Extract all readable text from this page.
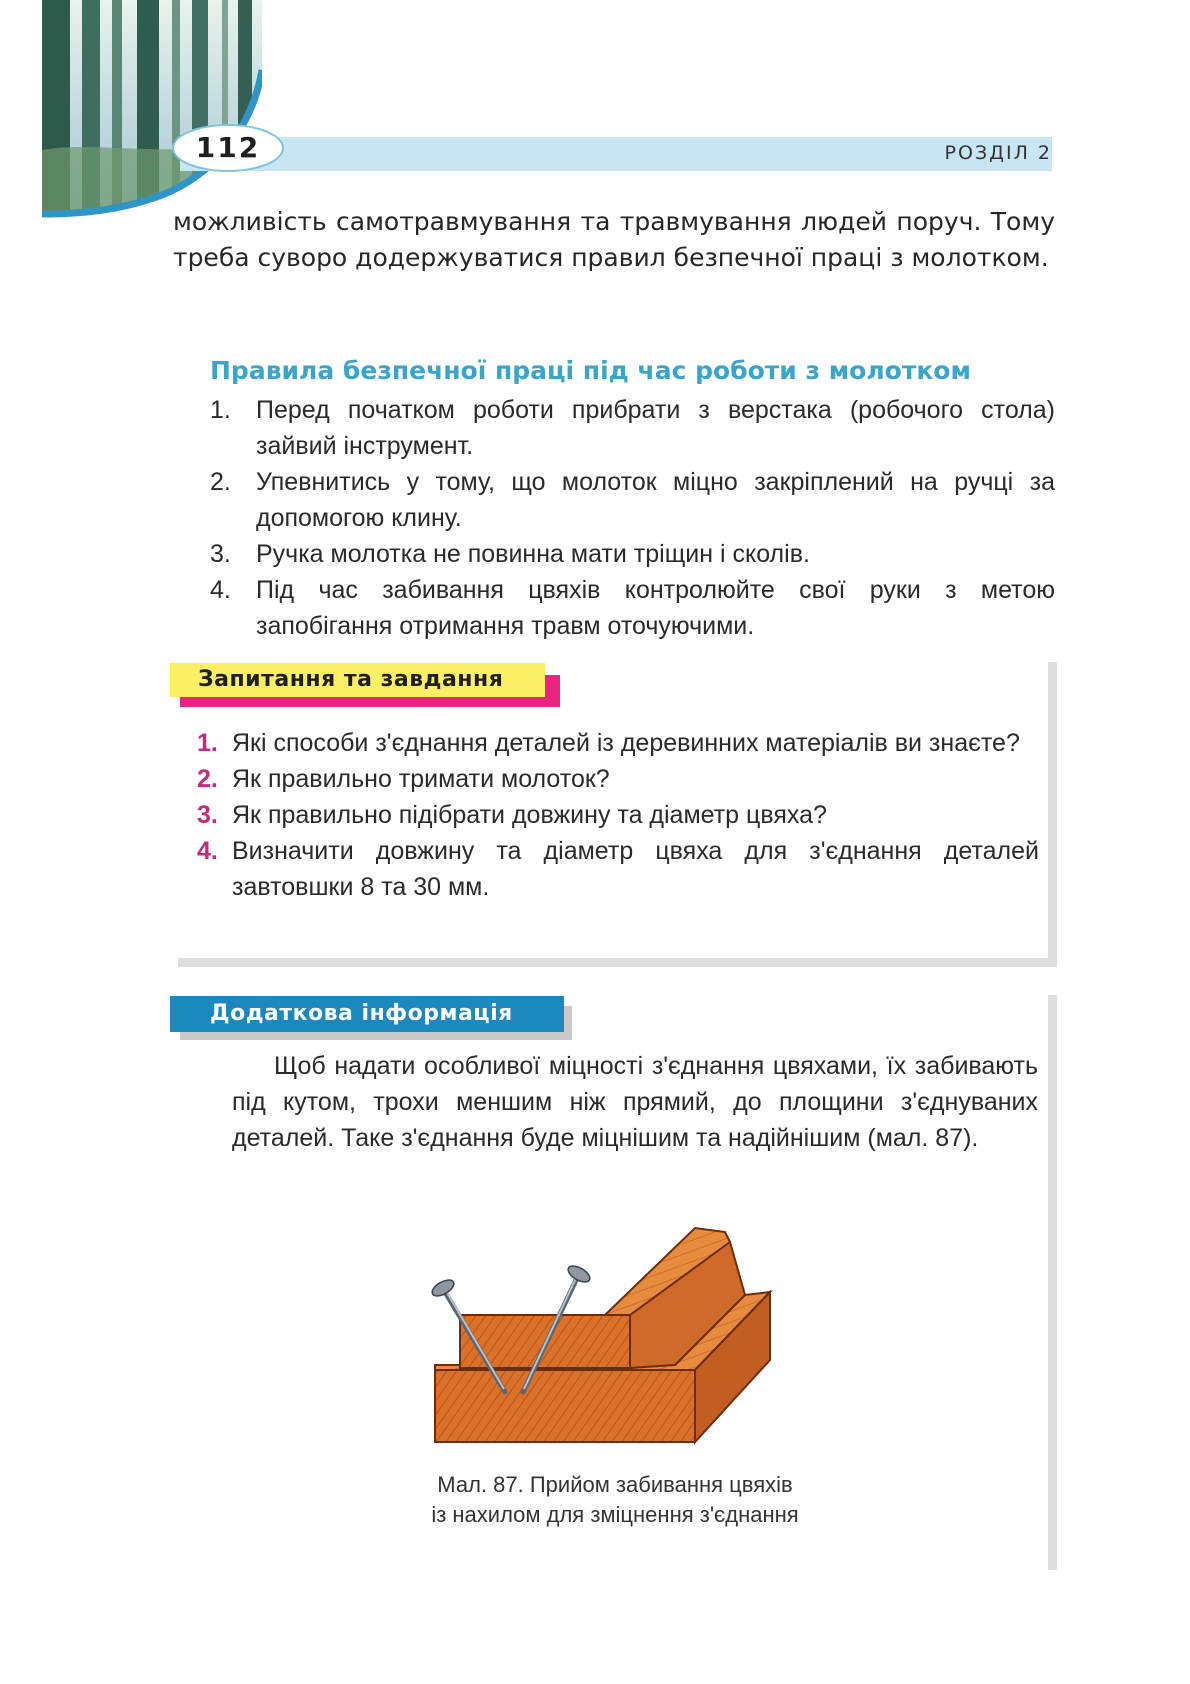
112	РОЗДІЛ 2

можливість самотравмування та травмування людей поруч. Тому треба суворо додержуватися правил безпечної праці з молотком.

Правила безпечної праці під час роботи з молотком
1. Перед початком роботи прибрати з верстака (робочого стола) зайвий інструмент.
2. Упевнитись у тому, що молоток міцно закріплений на ручці за допомогою клину.
3. Ручка молотка не повинна мати тріщин і сколів.
4. Під час забивання цвяхів контролюйте свої руки з метою запобігання отримання травм оточуючими.
Запитання та завдання
1. Які способи з'єднання деталей із деревинних матеріалів ви знаєте?
2. Як правильно тримати молоток?
3. Як правильно підібрати довжину та діаметр цвяха?
4. Визначити довжину та діаметр цвяха для з'єднання деталей завтовшки 8 та 30 мм.
Додаткова інформація

Щоб надати особливої міцності з'єднання цвяхами, їх забивають під кутом, трохи меншим ніж прямий, до площини з'єднуваних деталей. Таке з'єднання буде міцнішим та надійнішим (мал. 87).

Мал. 87. Прийом забивання цвяхів
із нахилом для зміцнення з'єднання
